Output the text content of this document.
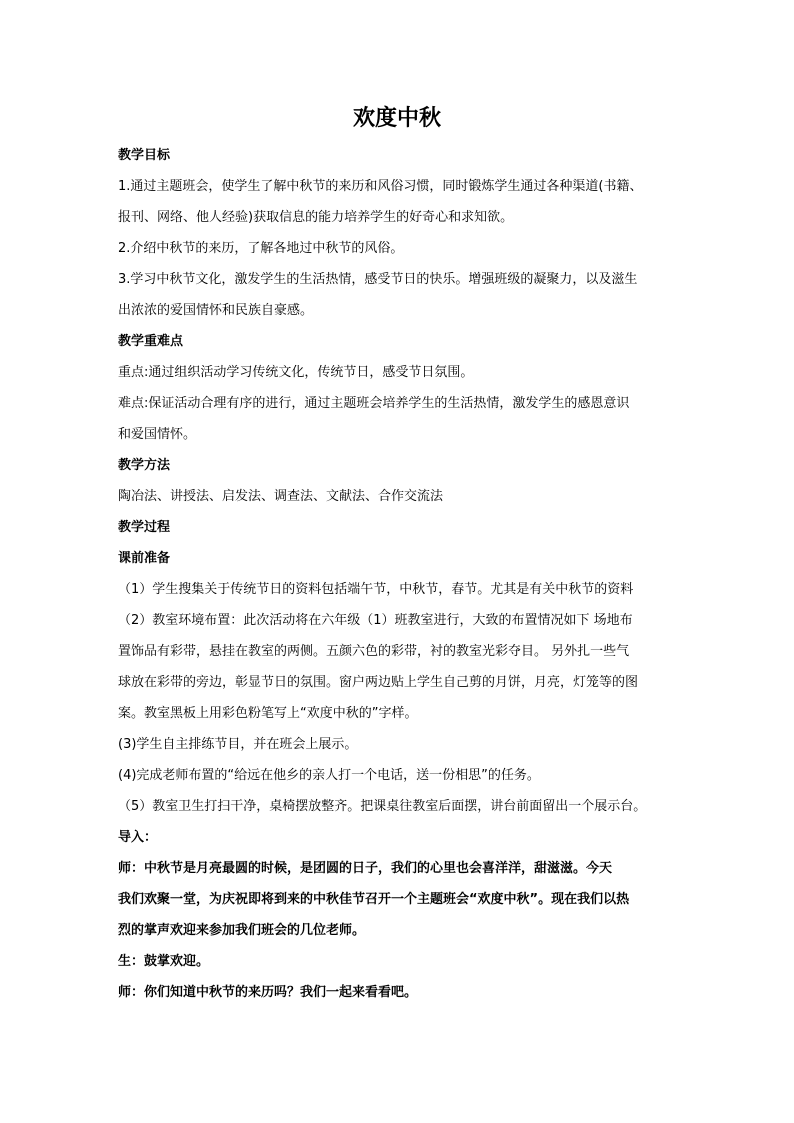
欢度中秋
教学目标
1.通过主题班会，使学生了解中秋节的来历和风俗习惯，同时锻炼学生通过各种渠道(书籍、
报刊、网络、他人经验)获取信息的能力培养学生的好奇心和求知欲。
2.介绍中秋节的来历，了解各地过中秋节的风俗。
3.学习中秋节文化，激发学生的生活热情，感受节日的快乐。增强班级的凝聚力，以及滋生
出浓浓的爱国情怀和民族自豪感。
教学重难点
重点:通过组织活动学习传统文化，传统节日，感受节日氛围。
难点:保证活动合理有序的进行，通过主题班会培养学生的生活热情，激发学生的感恩意识
和爱国情怀。
教学方法
陶冶法、讲授法、启发法、调查法、文献法、合作交流法
教学过程
课前准备
（1）学生搜集关于传统节日的资料包括端午节，中秋节，春节。尤其是有关中秋节的资料
（2）教室环境布置：此次活动将在六年级（1）班教室进行，大致的布置情况如下 场地布
置饰品有彩带，悬挂在教室的两侧。五颜六色的彩带，衬的教室光彩夺目。 另外扎一些气
球放在彩带的旁边，彰显节日的氛围。窗户两边贴上学生自己剪的月饼，月亮，灯笼等的图
案。教室黑板上用彩色粉笔写上“欢度中秋的”字样。
(3)学生自主排练节目，并在班会上展示。
(4)完成老师布置的“给远在他乡的亲人打一个电话，送一份相思”的任务。
（5）教室卫生打扫干净，桌椅摆放整齐。把课桌往教室后面摆，讲台前面留出一个展示台。
导入：
师：中秋节是月亮最圆的时候，是团圆的日子，我们的心里也会喜洋洋，甜滋滋。今天
我们欢聚一堂，为庆祝即将到来的中秋佳节召开一个主题班会“欢度中秋”。现在我们以热
烈的掌声欢迎来参加我们班会的几位老师。
生：鼓掌欢迎。
师：你们知道中秋节的来历吗？我们一起来看看吧。
